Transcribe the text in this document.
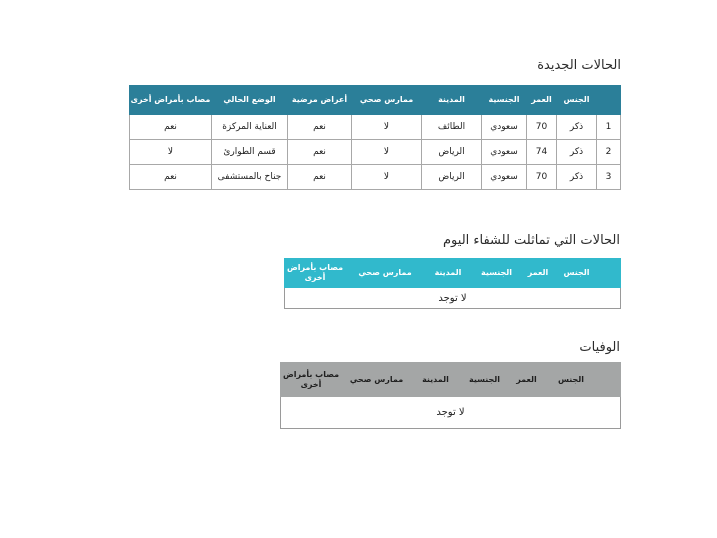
الحالات الجديدة
	الجنس	العمر	الجنسية	المدينة	ممارس صحي	أعراض مرضية	الوضع الحالي	مصاب بأمراض أخرى
1	ذكر	70	سعودي	الطائف	لا	نعم	العناية المركزة	نعم
2	ذكر	74	سعودي	الرياض	لا	نعم	قسم الطوارئ	لا
3	ذكر	70	سعودي	الرياض	لا	نعم	جناح بالمستشفى	نعم
الحالات التي تماثلت للشفاء اليوم
	الجنس	العمر	الجنسية	المدينة	ممارس صحي	مصاب بأمراض أخرى
لا توجد
الوفيات
	الجنس	العمر	الجنسية	المدينة	ممارس صحي	مصاب بأمراض أخرى
لا توجد
